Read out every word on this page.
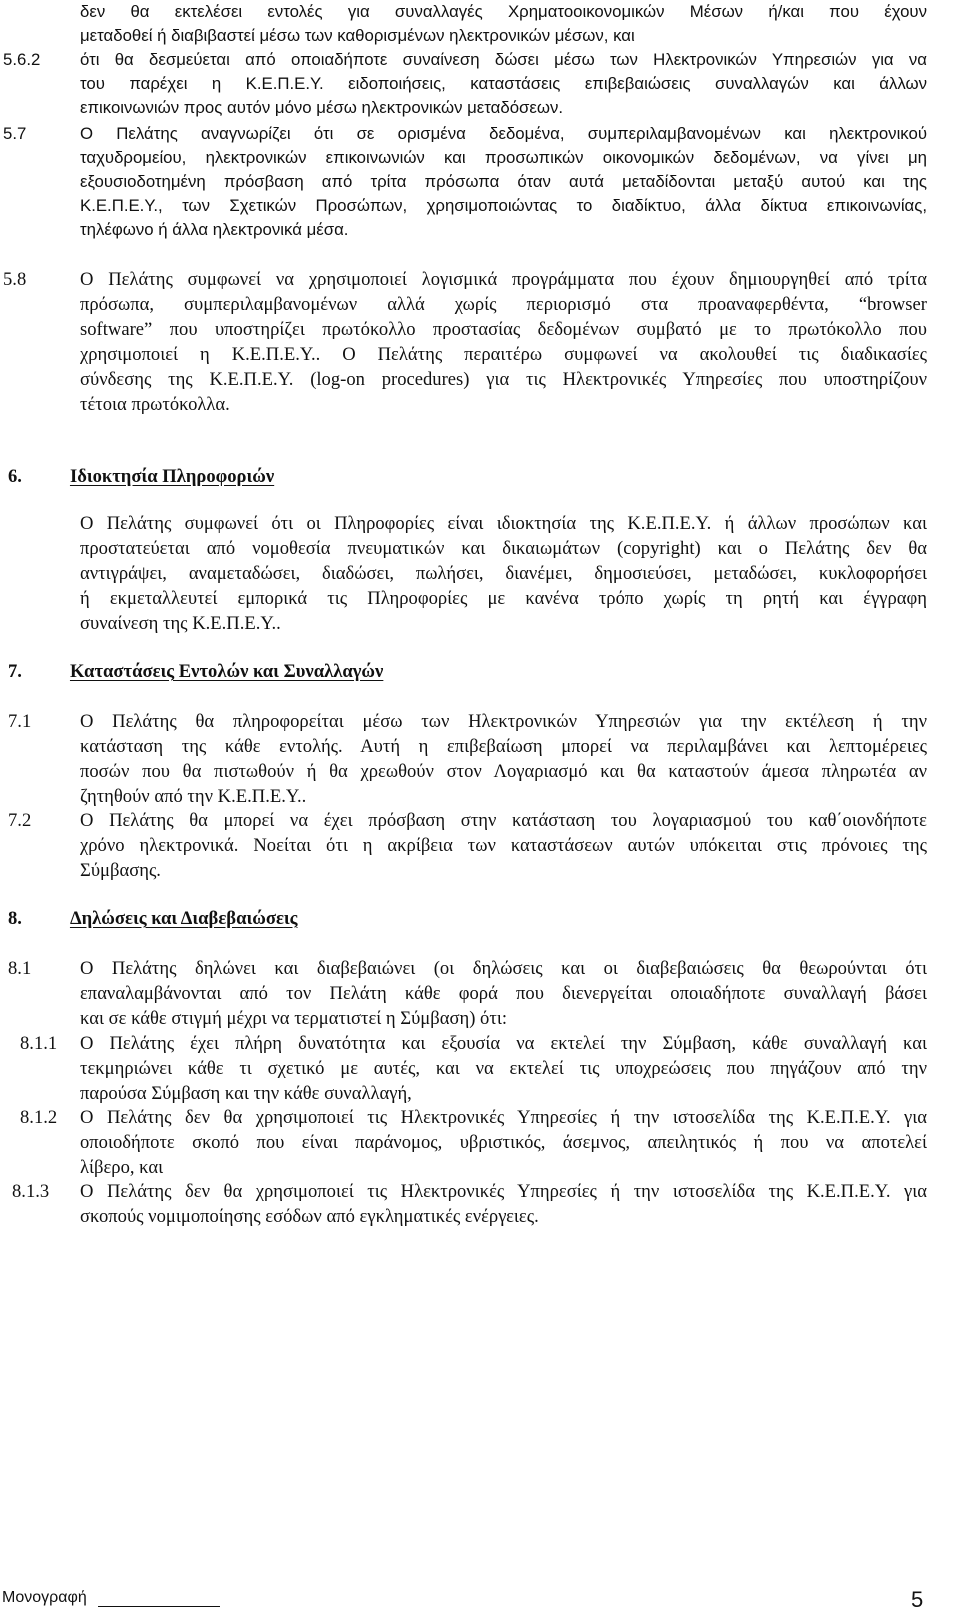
δεν θα εκτελέσει εντολές για συναλλαγές Χρηματοοικονομικών Μέσων ή/και που έχουν
μεταδοθεί ή διαβιβαστεί μέσω των καθορισμένων ηλεκτρονικών μέσων, και
5.6.2 ότι θα δεσμεύεται από οποιαδήποτε συναίνεση δώσει μέσω των Ηλεκτρονικών Υπηρεσιών για να
του παρέχει η Κ.Ε.Π.Ε.Υ. ειδοποιήσεις, καταστάσεις επιβεβαιώσεις συναλλαγών και άλλων
επικοινωνιών προς αυτόν μόνο μέσω ηλεκτρονικών μεταδόσεων.
5.7	Ο Πελάτης αναγνωρίζει ότι σε ορισμένα δεδομένα, συμπεριλαμβανομένων και ηλεκτρονικού
ταχυδρομείου, ηλεκτρονικών επικοινωνιών και προσωπικών οικονομικών δεδομένων, να γίνει μη
εξουσιοδοτημένη πρόσβαση από τρίτα πρόσωπα όταν αυτά μεταδίδονται μεταξύ αυτού και της
Κ.Ε.Π.Ε.Υ., των Σχετικών Προσώπων, χρησιμοποιώντας το διαδίκτυο, άλλα δίκτυα επικοινωνίας,
τηλέφωνο ή άλλα ηλεκτρονικά μέσα.
5.8	Ο Πελάτης συμφωνεί να χρησιμοποιεί λογισμικά προγράμματα που έχουν δημιουργηθεί από τρίτα
πρόσωπα, συμπεριλαμβανομένων αλλά χωρίς περιορισμό στα προαναφερθέντα, “browser
software” που υποστηρίζει πρωτόκολλο προστασίας δεδομένων συμβατό με το πρωτόκολλο που
χρησιμοποιεί η Κ.Ε.Π.Ε.Υ.. Ο Πελάτης περαιτέρω συμφωνεί να ακολουθεί τις διαδικασίες
σύνδεσης της Κ.Ε.Π.Ε.Υ. (log-on procedures) για τις Ηλεκτρονικές Υπηρεσίες που υποστηρίζουν
τέτοια πρωτόκολλα.
6.	Ιδιοκτησία Πληροφοριών
Ο Πελάτης συμφωνεί ότι οι Πληροφορίες είναι ιδιοκτησία της Κ.Ε.Π.Ε.Υ. ή άλλων προσώπων και
προστατεύεται από νομοθεσία πνευματικών και δικαιωμάτων (copyright) και ο Πελάτης δεν θα
αντιγράψει, αναμεταδώσει, διαδώσει, πωλήσει, διανέμει, δημοσιεύσει, μεταδώσει, κυκλοφορήσει
ή εκμεταλλευτεί εμπορικά τις Πληροφορίες με κανένα τρόπο χωρίς τη ρητή και έγγραφη
συναίνεση της Κ.Ε.Π.Ε.Υ..
7.	Καταστάσεις Εντολών και Συναλλαγών
7.1	Ο Πελάτης θα πληροφορείται μέσω των Ηλεκτρονικών Υπηρεσιών για την εκτέλεση ή την
κατάσταση της κάθε εντολής. Αυτή η επιβεβαίωση μπορεί να περιλαμβάνει και λεπτομέρειες
ποσών που θα πιστωθούν ή θα χρεωθούν στον Λογαριασμό και θα καταστούν άμεσα πληρωτέα αν
ζητηθούν από την Κ.Ε.Π.Ε.Υ..
7.2	Ο Πελάτης θα μπορεί να έχει πρόσβαση στην κατάσταση του λογαριασμού του καθ΄οιονδήποτε
χρόνο ηλεκτρονικά. Νοείται ότι η ακρίβεια των καταστάσεων αυτών υπόκειται στις πρόνοιες της
Σύμβασης.
8.	Δηλώσεις και Διαβεβαιώσεις
8.1	Ο Πελάτης δηλώνει και διαβεβαιώνει (οι δηλώσεις και οι διαβεβαιώσεις θα θεωρούνται ότι
επαναλαμβάνονται από τον Πελάτη κάθε φορά που διενεργείται οποιαδήποτε συναλλαγή βάσει
και σε κάθε στιγμή μέχρι να τερματιστεί η Σύμβαση) ότι:
8.1.1 Ο Πελάτης έχει πλήρη δυνατότητα και εξουσία να εκτελεί την Σύμβαση, κάθε συναλλαγή και
τεκμηριώνει κάθε τι σχετικό με αυτές, και να εκτελεί τις υποχρεώσεις που πηγάζουν από την
παρούσα Σύμβαση και την κάθε συναλλαγή,
8.1.2 Ο Πελάτης δεν θα χρησιμοποιεί τις Ηλεκτρονικές Υπηρεσίες ή την ιστοσελίδα της Κ.Ε.Π.Ε.Υ. για
οποιοδήποτε σκοπό που είναι παράνομος, υβριστικός, άσεμνος, απειλητικός ή που να αποτελεί
λίβερο, και
8.1.3 Ο Πελάτης δεν θα χρησιμοποιεί τις Ηλεκτρονικές Υπηρεσίες ή την ιστοσελίδα της Κ.Ε.Π.Ε.Υ. για
σκοπούς νομιμοποίησης εσόδων από εγκληματικές ενέργειες.
Μονογραφή	5
